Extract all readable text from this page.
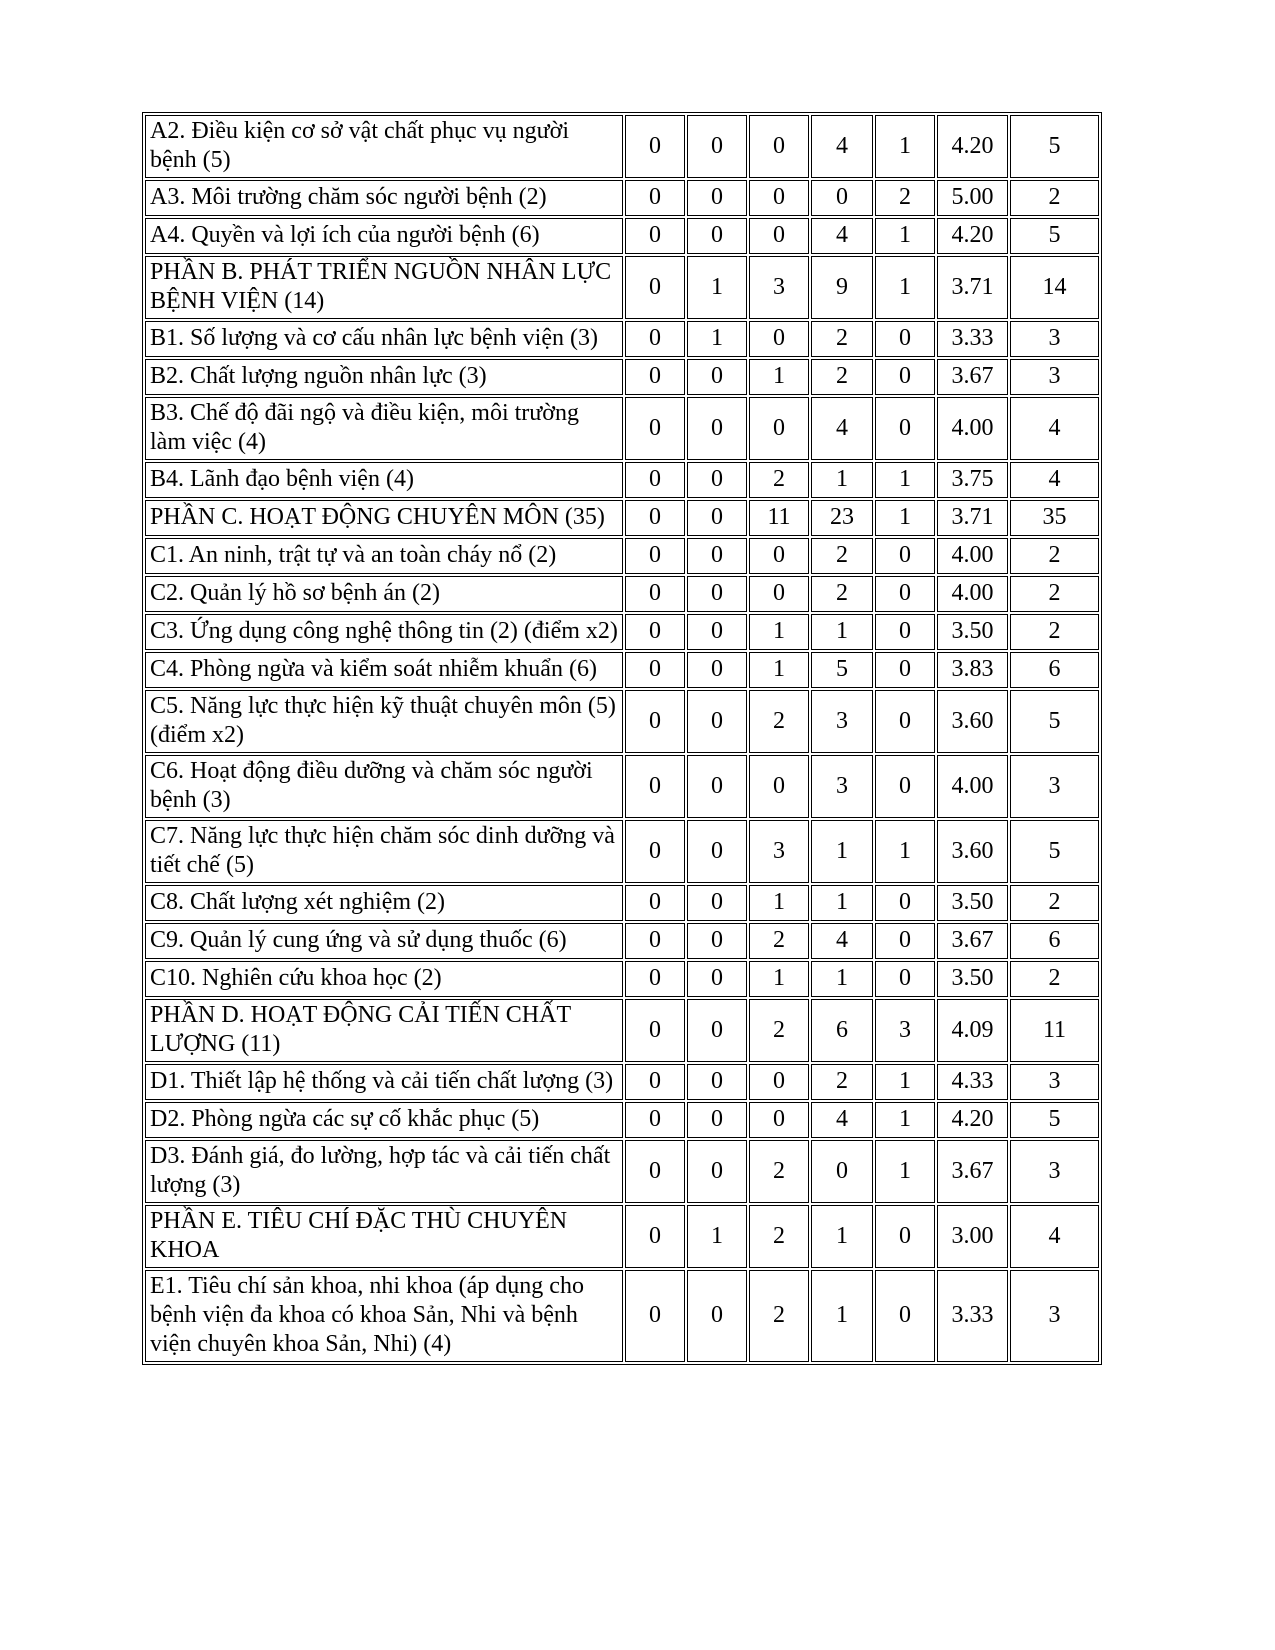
A2. Điều kiện cơ sở vật chất phục vụ người bệnh (5)	0	0	0	4	1	4.20	5
A3. Môi trường chăm sóc người bệnh (2)	0	0	0	0	2	5.00	2
A4. Quyền và lợi ích của người bệnh (6)	0	0	0	4	1	4.20	5
PHẦN B. PHÁT TRIỂN NGUỒN NHÂN LỰC BỆNH VIỆN (14)	0	1	3	9	1	3.71	14
B1. Số lượng và cơ cấu nhân lực bệnh viện (3)	0	1	0	2	0	3.33	3
B2. Chất lượng nguồn nhân lực (3)	0	0	1	2	0	3.67	3
B3. Chế độ đãi ngộ và điều kiện, môi trường làm việc (4)	0	0	0	4	0	4.00	4
B4. Lãnh đạo bệnh viện (4)	0	0	2	1	1	3.75	4
PHẦN C. HOẠT ĐỘNG CHUYÊN MÔN (35)	0	0	11	23	1	3.71	35
C1. An ninh, trật tự và an toàn cháy nổ (2)	0	0	0	2	0	4.00	2
C2. Quản lý hồ sơ bệnh án (2)	0	0	0	2	0	4.00	2
C3. Ứng dụng công nghệ thông tin (2) (điểm x2)	0	0	1	1	0	3.50	2
C4. Phòng ngừa và kiểm soát nhiễm khuẩn (6)	0	0	1	5	0	3.83	6
C5. Năng lực thực hiện kỹ thuật chuyên môn (5) (điểm x2)	0	0	2	3	0	3.60	5
C6. Hoạt động điều dưỡng và chăm sóc người bệnh (3)	0	0	0	3	0	4.00	3
C7. Năng lực thực hiện chăm sóc dinh dưỡng và tiết chế (5)	0	0	3	1	1	3.60	5
C8. Chất lượng xét nghiệm (2)	0	0	1	1	0	3.50	2
C9. Quản lý cung ứng và sử dụng thuốc (6)	0	0	2	4	0	3.67	6
C10. Nghiên cứu khoa học (2)	0	0	1	1	0	3.50	2
PHẦN D. HOẠT ĐỘNG CẢI TIẾN CHẤT LƯỢNG (11)	0	0	2	6	3	4.09	11
D1. Thiết lập hệ thống và cải tiến chất lượng (3)	0	0	0	2	1	4.33	3
D2. Phòng ngừa các sự cố khắc phục (5)	0	0	0	4	1	4.20	5
D3. Đánh giá, đo lường, hợp tác và cải tiến chất lượng (3)	0	0	2	0	1	3.67	3
PHẦN E. TIÊU CHÍ ĐẶC THÙ CHUYÊN KHOA	0	1	2	1	0	3.00	4
E1. Tiêu chí sản khoa, nhi khoa (áp dụng cho bệnh viện đa khoa có khoa Sản, Nhi và bệnh viện chuyên khoa Sản, Nhi) (4)	0	0	2	1	0	3.33	3
